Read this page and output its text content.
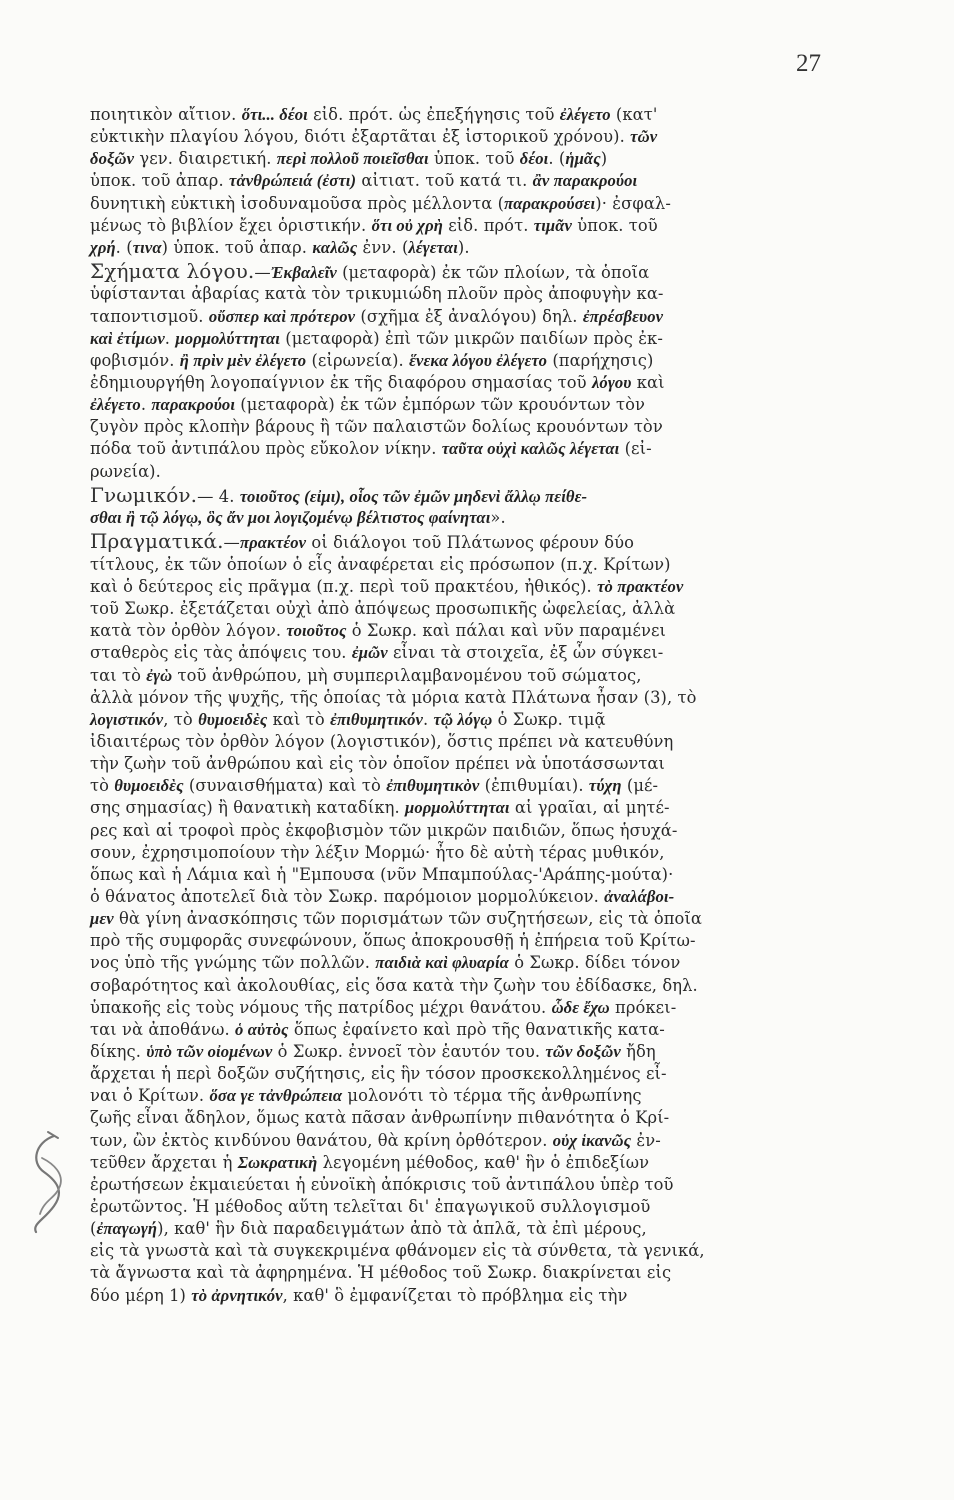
27
ποιητικὸν αἴτιον. ὅτι... δέοι εἰδ. πρότ. ὡς ἐπεξήγησις τοῦ ἐλέγετο (κατ'
εὐκτικὴν πλαγίου λόγου, διότι ἐξαρτᾶται ἐξ ἱστορικοῦ χρόνου). τῶν
δοξῶν γεν. διαιρετική. περὶ πολλοῦ ποιεῖσθαι ὑποκ. τοῦ δέοι. (ἡμᾶς)
ὑποκ. τοῦ ἀπαρ. τἀνθρώπειά (ἐστι) αἰτιατ. τοῦ κατά τι. ἂν παρακρούοι
δυνητικὴ εὐκτικὴ ἰσοδυναμοῦσα πρὸς μέλλοντα (παρακρούσει)· ἐσφαλ-
μένως τὸ βιβλίον ἔχει ὁριστικήν. ὅτι οὐ χρὴ εἰδ. πρότ. τιμᾶν ὑποκ. τοῦ
χρή. (τινα) ὑποκ. τοῦ ἀπαρ. καλῶς ἐνν. (λέγεται).
Σχήματα λόγου.—Ἐκβαλεῖν (μεταφορὰ) ἐκ τῶν πλοίων, τὰ ὁποῖα
ὑφίστανται ἀβαρίας κατὰ τὸν τρικυμιώδη πλοῦν πρὸς ἀποφυγὴν κα-
ταποντισμοῦ. οὔσπερ καὶ πρότερον (σχῆμα ἐξ ἀναλόγου) δηλ. ἐπρέσβευον
καὶ ἐτίμων. μορμολύττηται (μεταφορὰ) ἐπὶ τῶν μικρῶν παιδίων πρὸς ἐκ-
φοβισμόν. ἢ πρὶν μὲν ἐλέγετο (εἰρωνεία). ἕνεκα λόγου ἐλέγετο (παρήχησις)
ἐδημιουργήθη λογοπαίγνιον ἐκ τῆς διαφόρου σημασίας τοῦ λόγου καὶ
ἐλέγετο. παρακρούοι (μεταφορὰ) ἐκ τῶν ἐμπόρων τῶν κρουόντων τὸν
ζυγὸν πρὸς κλοπὴν βάρους ἢ τῶν παλαιστῶν δολίως κρουόντων τὸν
πόδα τοῦ ἀντιπάλου πρὸς εὔκολον νίκην. ταῦτα οὐχὶ καλῶς λέγεται (εἰ-
ρωνεία).
Γνωμικόν.— 4. τοιοῦτος (εἰμι), οἷος τῶν ἐμῶν μηδενὶ ἄλλῳ πείθε-
σθαι ἢ τῷ λόγῳ, ὃς ἄν μοι λογιζομένῳ βέλτιστος φαίνηται».
Πραγματικά.—πρακτέον οἱ διάλογοι τοῦ Πλάτωνος φέρουν δύο
τίτλους, ἐκ τῶν ὁποίων ὁ εἷς ἀναφέρεται εἰς πρόσωπον (π.χ. Κρίτων)
καὶ ὁ δεύτερος εἰς πρᾶγμα (π.χ. περὶ τοῦ πρακτέου, ἠθικός). τὸ πρακτέον
τοῦ Σωκρ. ἐξετάζεται οὐχὶ ἀπὸ ἀπόψεως προσωπικῆς ὠφελείας, ἀλλὰ
κατὰ τὸν ὀρθὸν λόγον. τοιοῦτος ὁ Σωκρ. καὶ πάλαι καὶ νῦν παραμένει
σταθερὸς εἰς τὰς ἀπόψεις του. ἐμῶν εἶναι τὰ στοιχεῖα, ἐξ ὧν σύγκει-
ται τὸ ἐγὼ τοῦ ἀνθρώπου, μὴ συμπεριλαμβανομένου τοῦ σώματος,
ἀλλὰ μόνον τῆς ψυχῆς, τῆς ὁποίας τὰ μόρια κατὰ Πλάτωνα ἦσαν (3), τὸ
λογιστικόν, τὸ θυμοειδὲς καὶ τὸ ἐπιθυμητικόν. τῷ λόγῳ ὁ Σωκρ. τιμᾷ
ἰδιαιτέρως τὸν ὀρθὸν λόγον (λογιστικόν), ὅστις πρέπει νὰ κατευθύνη
τὴν ζωὴν τοῦ ἀνθρώπου καὶ εἰς τὸν ὁποῖον πρέπει νὰ ὑποτάσσωνται
τὸ θυμοειδὲς (συναισθήματα) καὶ τὸ ἐπιθυμητικὸν (ἐπιθυμίαι). τύχη (μέ-
σης σημασίας) ἢ θανατικὴ καταδίκη. μορμολύττηται αἱ γραῖαι, αἱ μητέ-
ρες καὶ αἱ τροφοὶ πρὸς ἐκφοβισμὸν τῶν μικρῶν παιδιῶν, ὅπως ἡσυχά-
σουν, ἐχρησιμοποίουν τὴν λέξιν Μορμώ· ἦτο δὲ αὐτὴ τέρας μυθικόν,
ὅπως καὶ ἡ Λάμια καὶ ἡ "Εμπουσα (νῦν Μπαμπούλας-'Αράπης-μούτα)·
ὁ θάνατος ἀποτελεῖ διὰ τὸν Σωκρ. παρόμοιον μορμολύκειον. ἀναλάβοι-
μεν θὰ γίνη ἀνασκόπησις τῶν πορισμάτων τῶν συζητήσεων, εἰς τὰ ὁποῖα
πρὸ τῆς συμφορᾶς συνεφώνουν, ὅπως ἀποκρουσθῇ ἡ ἐπήρεια τοῦ Κρίτω-
νος ὑπὸ τῆς γνώμης τῶν πολλῶν. παιδιὰ καὶ φλυαρία ὁ Σωκρ. δίδει τόνον
σοβαρότητος καὶ ἀκολουθίας, εἰς ὅσα κατὰ τὴν ζωὴν του ἐδίδασκε, δηλ.
ὑπακοῆς εἰς τοὺς νόμους τῆς πατρίδος μέχρι θανάτου. ὧδε ἔχω πρόκει-
ται νὰ ἀποθάνω. ὁ αὐτὸς ὅπως ἐφαίνετο καὶ πρὸ τῆς θανατικῆς κατα-
δίκης. ὑπὸ τῶν οἰομένων ὁ Σωκρ. ἐννοεῖ τὸν ἑαυτόν του. τῶν δοξῶν ἤδη
ἄρχεται ἡ περὶ δοξῶν συζήτησις, εἰς ἣν τόσον προσκεκολλημένος εἶ-
ναι ὁ Κρίτων. ὅσα γε τἀνθρώπεια μολονότι τὸ τέρμα τῆς ἀνθρωπίνης
ζωῆς εἶναι ἄδηλον, ὅμως κατὰ πᾶσαν ἀνθρωπίνην πιθανότητα ὁ Κρί-
των, ὢν ἐκτὸς κινδύνου θανάτου, θὰ κρίνη ὀρθότερον. οὐχ ἱκανῶς ἐν-
τεῦθεν ἄρχεται ἡ Σωκρατικὴ λεγομένη μέθοδος, καθ' ἣν ὁ ἐπιδεξίων
ἐρωτήσεων ἐκμαιεύεται ἡ εὐνοϊκὴ ἀπόκρισις τοῦ ἀντιπάλου ὑπὲρ τοῦ
ἐρωτῶντος. Ἡ μέθοδος αὕτη τελεῖται δι' ἐπαγωγικοῦ συλλογισμοῦ
(ἐπαγωγή), καθ' ἣν διὰ παραδειγμάτων ἀπὸ τὰ ἁπλᾶ, τὰ ἐπὶ μέρους,
εἰς τὰ γνωστὰ καὶ τὰ συγκεκριμένα φθάνομεν εἰς τὰ σύνθετα, τὰ γενικά,
τὰ ἄγνωστα καὶ τὰ ἀφηρημένα. Ἡ μέθοδος τοῦ Σωκρ. διακρίνεται εἰς
δύο μέρη 1) τὸ ἀρνητικόν, καθ' ὃ ἐμφανίζεται τὸ πρόβλημα εἰς τὴν
